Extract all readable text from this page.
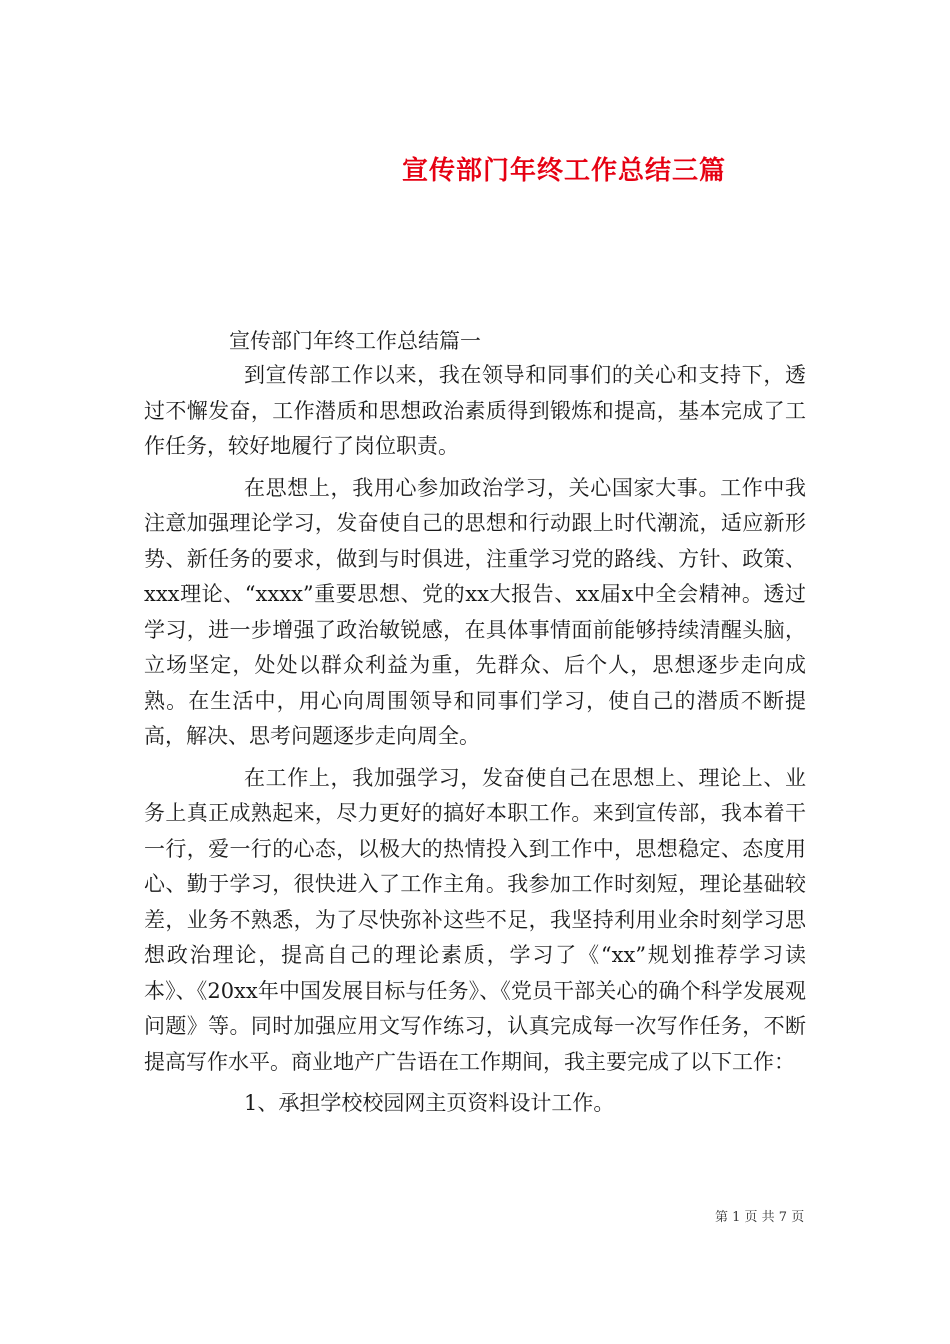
宣传部门年终工作总结三篇
宣传部门年终工作总结篇一

到宣传部工作以来，我在领导和同事们的关心和支持下，透过不懈发奋，工作潜质和思想政治素质得到锻炼和提高，基本完成了工作任务，较好地履行了岗位职责。

在思想上，我用心参加政治学习，关心国家大事。工作中我注意加强理论学习，发奋使自己的思想和行动跟上时代潮流，适应新形势、新任务的要求，做到与时俱进，注重学习党的路线、方针、政策、xxx理论、“xxxx”重要思想、党的xx大报告、xx届x中全会精神。透过学习，进一步增强了政治敏锐感，在具体事情面前能够持续清醒头脑，立场坚定，处处以群众利益为重，先群众、后个人，思想逐步走向成熟。在生活中，用心向周围领导和同事们学习，使自己的潜质不断提高，解决、思考问题逐步走向周全。

在工作上，我加强学习，发奋使自己在思想上、理论上、业务上真正成熟起来，尽力更好的搞好本职工作。来到宣传部，我本着干一行，爱一行的心态，以极大的热情投入到工作中，思想稳定、态度用心、勤于学习，很快进入了工作主角。我参加工作时刻短，理论基础较差，业务不熟悉，为了尽快弥补这些不足，我坚持利用业余时刻学习思想政治理论，提高自己的理论素质，学习了《“xx”规划推荐学习读本》、《20xx年中国发展目标与任务》、《党员干部关心的确个科学发展观问题》等。同时加强应用文写作练习，认真完成每一次写作任务，不断提高写作水平。商业地产广告语在工作期间，我主要完成了以下工作：

1、承担学校校园网主页资料设计工作。

第 1 页 共 7 页
